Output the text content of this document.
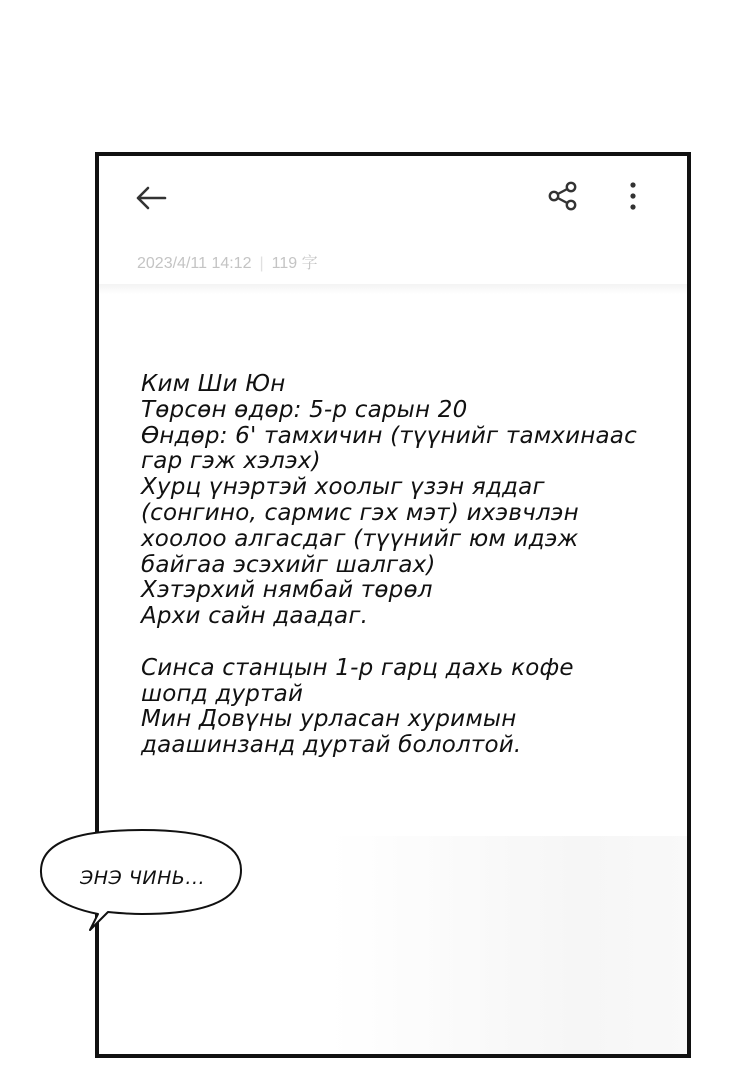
2023/4/11 14:12 | 119 字
Ким Ши Юн
Төрсөн өдөр: 5-р сарын 20
Өндөр: 6' тамхичин (түүнийг тамхинаас
гар гэж хэлэх)
Хурц үнэртэй хоолыг үзэн яддаг
(сонгино, сармис гэх мэт) ихэвчлэн
хоолоо алгасдаг (түүнийг юм идэж
байгаа эсэхийг шалгах)
Хэтэрхий нямбай төрөл
Архи сайн даадаг.
Синса станцын 1-р гарц дахь кофе
шопд дуртай
Мин Довүны урласан хуримын
даашинзанд дуртай бололтой.
ЭНЭ ЧИНЬ...
